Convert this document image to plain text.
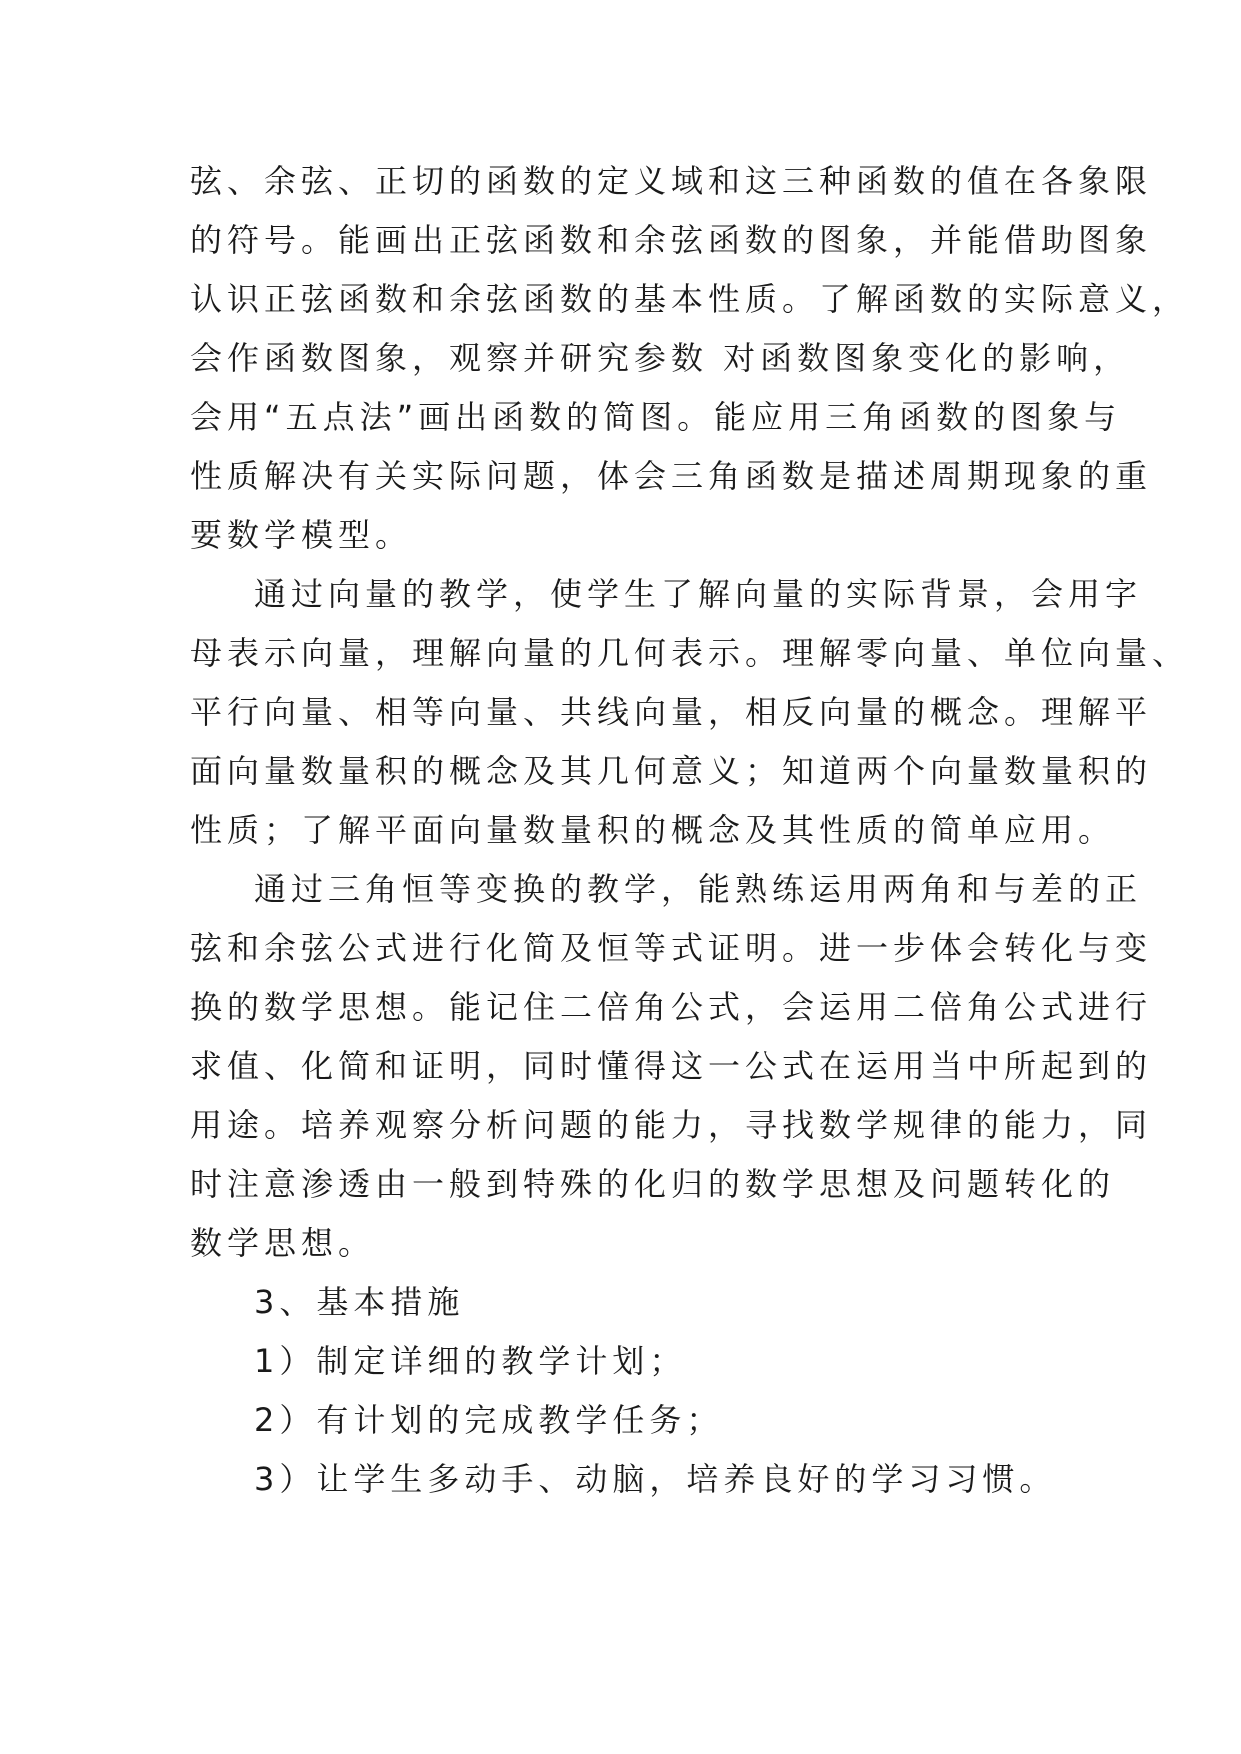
弦、余弦、正切的函数的定义域和这三种函数的值在各象限
的符号。能画出正弦函数和余弦函数的图象，并能借助图象
认识正弦函数和余弦函数的基本性质。了解函数的实际意义，
会作函数图象，观察并研究参数 对函数图象变化的影响，
会用“五点法”画出函数的简图。能应用三角函数的图象与
性质解决有关实际问题，体会三角函数是描述周期现象的重
要数学模型。
通过向量的教学，使学生了解向量的实际背景，会用字
母表示向量，理解向量的几何表示。理解零向量、单位向量、
平行向量、相等向量、共线向量，相反向量的概念。理解平
面向量数量积的概念及其几何意义；知道两个向量数量积的
性质；了解平面向量数量积的概念及其性质的简单应用。
通过三角恒等变换的教学，能熟练运用两角和与差的正
弦和余弦公式进行化简及恒等式证明。进一步体会转化与变
换的数学思想。能记住二倍角公式，会运用二倍角公式进行
求值、化简和证明，同时懂得这一公式在运用当中所起到的
用途。培养观察分析问题的能力，寻找数学规律的能力，同
时注意渗透由一般到特殊的化归的数学思想及问题转化的
数学思想。
3、基本措施
1）制定详细的教学计划；
2）有计划的完成教学任务；
3）让学生多动手、动脑，培养良好的学习习惯。
